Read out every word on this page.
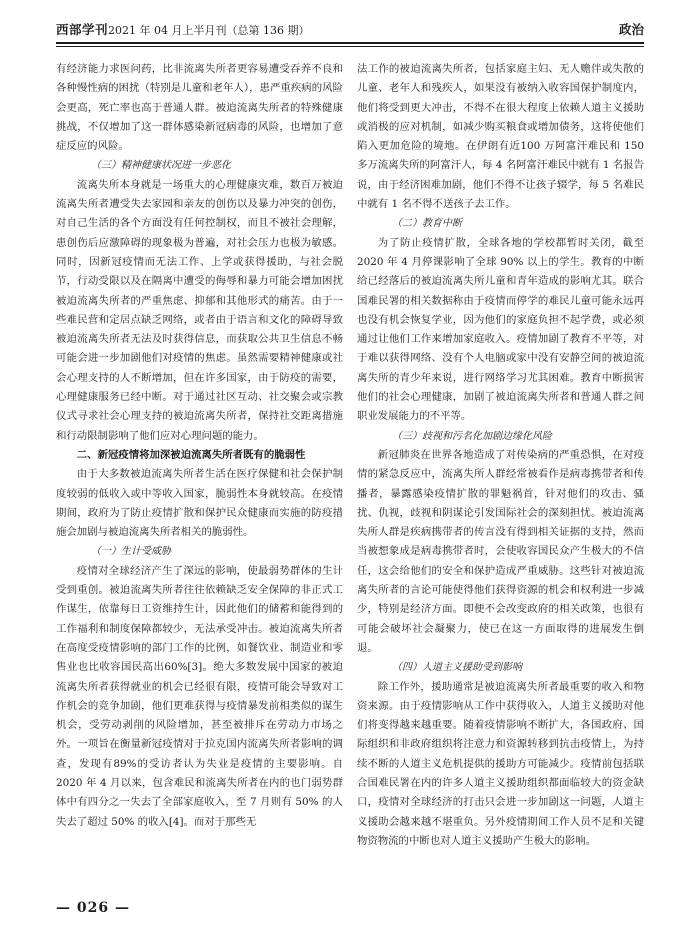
西部学刊2021 年 04 月上半月刊（总第 136 期）	政治

有经济能力求医问药，比非流离失所者更容易遭受吞养不良和各种慢性病的困扰（特别是儿童和老年人），患严重疾病的风险会更高，死亡率也高于普通人群。被迫流离失所者的特殊健康挑战，不仅增加了这一群体感染新冠病毒的风险，也增加了意症反应的风险。

（三）精神健康状况进一步恶化

流离失所本身就是一场重大的心理健康灾难，数百万被迫流离失所者遭受失去家园和亲友的创伤以及暴力冲突的创伤，对自己生活的各个方面没有任何控制权，而且不被社会理解，患创伤后应激障碍的现象极为普遍，对社会压力也极为敏感。同时，因新冠疫情而无法工作、上学或获得援助，与社会脱节，行动受限以及在隔离中遭受的侮辱和暴力可能会增加困扰被迫流离失所者的严重焦虑、抑郁和其他形式的痛苦。由于一些难民营和定居点缺乏网络，或者由于语言和文化的障碍导致被迫流离失所者无法及时获得信息，而获取公共卫生信息不畅可能会进一步加剧他们对疫情的焦虑。虽然需要精神健康或社会心理支持的人不断增加，但在许多国家，由于防疫的需要，心理健康服务已经中断。对于通过社区互动、社交聚会或宗教仪式寻求社会心理支持的被迫流离失所者，保持社交距离措施和行动限制影响了他们应对心理问题的能力。

二、新冠疫情将加深被迫流离失所者既有的脆弱性

由于大多数被迫流离失所者生活在医疗保健和社会保护制度较弱的低收入或中等收入国家，脆弱性本身就较高。在疫情期间，政府为了防止疫情扩散和保护民众健康而实施的防疫措施会加剧与被迫流离失所者相关的脆弱性。

（一）生计受威胁

疫情对全球经济产生了深远的影响，使最弱势群体的生计受到重创。被迫流离失所者往往依赖缺乏安全保障的非正式工作谋生，依靠每日工资维持生计，因此他们的储蓄和能得到的工作福利和制度保障都较少，无法承受冲击。被迫流离失所者在高度受疫情影响的部门工作的比例，如餐饮业、制造业和零售业也比收容国民高出60%[3]。绝大多数发展中国家的被迫流离失所者获得就业的机会已经很有限，疫情可能会导致对工作机会的竞争加剧，他们更难获得与疫情暴发前相类似的谋生机会，受劳动剥削的风险增加，甚至被排斥在劳动力市场之外。一项旨在衡量新冠疫情对于拉克国内流离失所者影响的调查，发现有89%的受访者认为失业是疫情的主要影响。自 2020 年 4 月以来，包含难民和流离失所者在内的也门弱势群体中有四分之一失去了全部家庭收入，至 7 月则有 50% 的人失去了超过 50% 的收入[4]。而对于那些无

法工作的被迫流离失所者，包括家庭主妇、无人赡伴或失散的儿童、老年人和残疾人，如果没有被纳入收容国保护制度内，他们将受到更大冲击，不得不在很大程度上依赖人道主义援助或消极的应对机制，如减少购买粮食或增加债务，这将使他们陷入更加危险的境地。在伊朗有近100 万阿富汗难民和 150 多万流离失所的阿富汗人，每 4 名阿富汗难民中就有 1 名报告说，由于经济困难加剧，他们不得不让孩子辍学，每 5 名难民中就有 1 名不得不送孩子去工作。

（二）教育中断

为了防止疫情扩散，全球各地的学校都暂时关闭，截至 2020 年 4 月停课影响了全球 90% 以上的学生。教育的中断给已经落后的被迫流离失所儿童和青年造成的影响尤其。联合国难民署的相关数据称由于疫情而停学的难民儿童可能永远再也没有机会恢复学业，因为他们的家庭负担不起学费，或必须通过让他们工作来增加家庭收入。疫情加剧了教育不平等，对于难以获得网络、没有个人电脑或家中没有安静空间的被迫流离失所的青少年来说，进行网络学习尤其困难。教育中断损害他们的社会心理健康，加剧了被迫流离失所者和普通人群之间职业发展能力的不平等。

（三）歧视和污名化加剧边缘化风险

新冠肺炎在世界各地造成了对传染病的严重恐惧，在对疫情的紧急反应中，流离失所人群经常被看作是病毒携带者和传播者，暴露感染疫情扩散的罪魁祸首，针对他们的攻击、骚扰、仇视，歧视和阴谋论引发国际社会的深刻担忧。被迫流离失所人群是疾病携带者的传言没有得到相关证据的支持，然而当被想象成是病毒携带者时，会使收容国民众产生极大的不信任，这会给他们的安全和保护造成严重威胁。这些针对被迫流离失所者的言论可能使得他们获得资源的机会和权利进一步减少，特别是经济方面。即便不会改变政府的相关政策，也很有可能会破坏社会凝聚力，使已在这一方面取得的进展发生倒退。

（四）人道主义援助受到影响

除工作外，援助通常是被迫流离失所者最重要的收入和物资来源。由于疫情影响从工作中获得收入，人道主义援助对他们将变得越来越重要。随着疫情影响不断扩大，各国政府、国际组织和非政府组织将注意力和资源转移到抗击疫情上，为持续不断的人道主义危机提供的援助方可能减少。疫情前包括联合国难民署在内的许多人道主义援助组织都面临较大的资金缺口，疫情对全球经济的打击只会进一步加剧这一问题，人道主义援助会越来越不堪重负。另外疫情期间工作人员不足和关键物资物流的中断也对人道主义援助产生极大的影响。

— 026 —
